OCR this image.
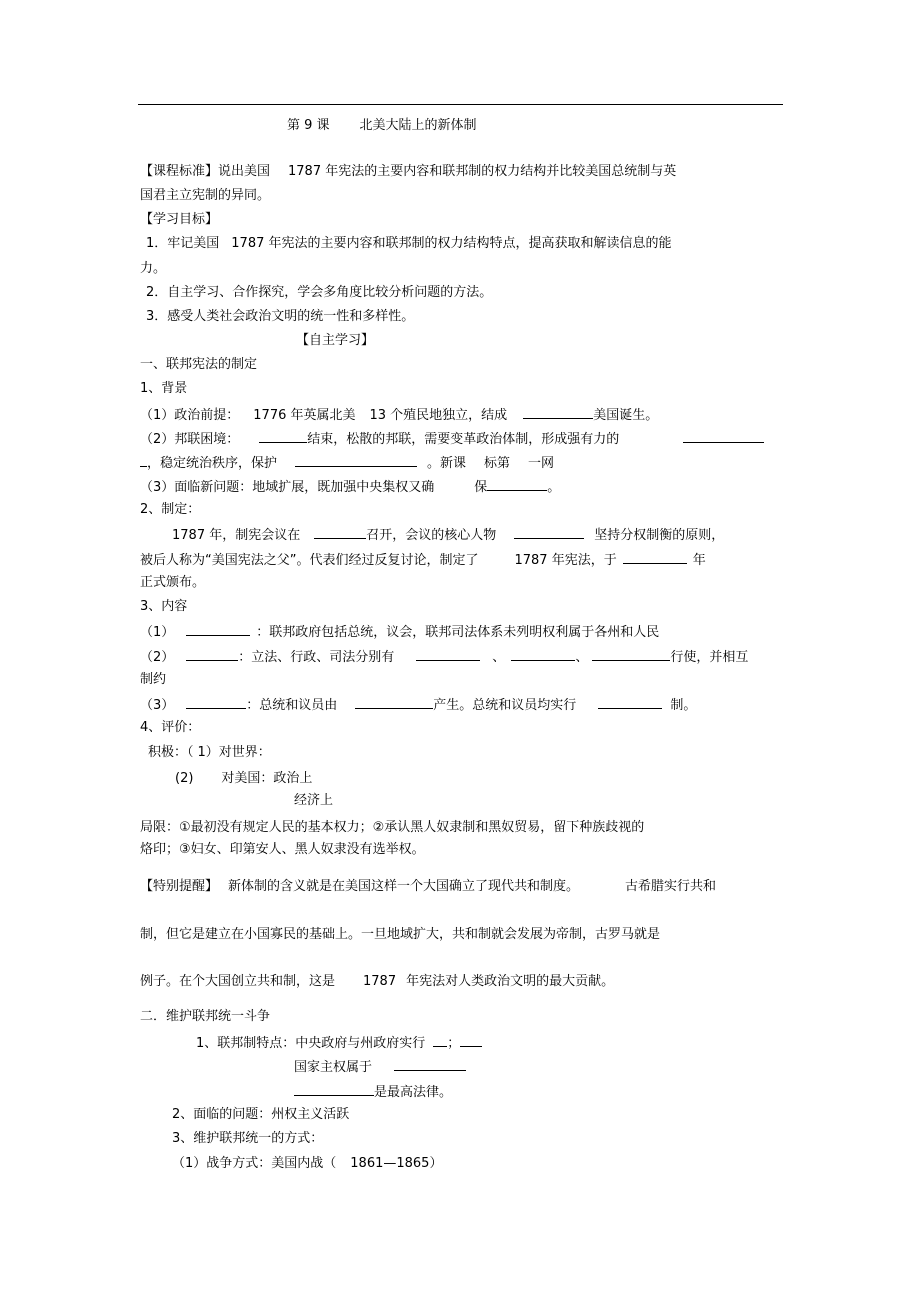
第 9 课 北美大陆上的新体制
【课程标准】说出美国 1787 年宪法的主要内容和联邦制的权力结构并比较美国总统制与英
国君主立宪制的异同。
【学习目标】
1．牢记美国 1787 年宪法的主要内容和联邦制的权力结构特点，提高获取和解读信息的能
力。
2．自主学习、合作探究，学会多角度比较分析问题的方法。
3．感受人类社会政治文明的统一性和多样性。
【自主学习】
一、联邦宪法的制定
1、背景
（1）政治前提： 1776 年英属北美 13 个殖民地独立，结成	美国诞生。
（2）邦联困境：	结束，松散的邦联，需要变革政治体制，形成强有力的
，稳定统治秩序，保护	。新课 标第 一网
（3）面临新问题：地域扩展，既加强中央集权又确	保	。
2、制定：
1787 年，制宪会议在	召开，会议的核心人物	坚持分权制衡的原则，
被后人称为“美国宪法之父”。代表们经过反复讨论，制定了	1787 年宪法，于	年
正式颁布。
3、内容
（1）	：联邦政府包括总统，议会，联邦司法体系未列明权利属于各州和人民
（2）	：立法、行政、司法分别有	、	、	行使，并相互
制约
（3）	：总统和议员由	产生。总统和议员均实行	制。
4、评价：
积极：（ 1）对世界：
(2) 对美国：政治上
经济上
局限：①最初没有规定人民的基本权力；②承认黑人奴隶制和黑奴贸易，留下种族歧视的
烙印；③妇女、印第安人、黑人奴隶没有选举权。
【特别提醒】 新体制的含义就是在美国这样一个大国确立了现代共和制度。	古希腊实行共和
制，但它是建立在小国寡民的基础上。一旦地域扩大，共和制就会发展为帝制，古罗马就是
例子。在个大国创立共和制，这是 1787 年宪法对人类政治文明的最大贡献。
二．维护联邦统一斗争
1、联邦制特点：中央政府与州政府实行 ；
国家主权属于
是最高法律。
2、面临的问题：州权主义活跃
3、维护联邦统一的方式：
（1）战争方式：美国内战（ 1861—1865）
